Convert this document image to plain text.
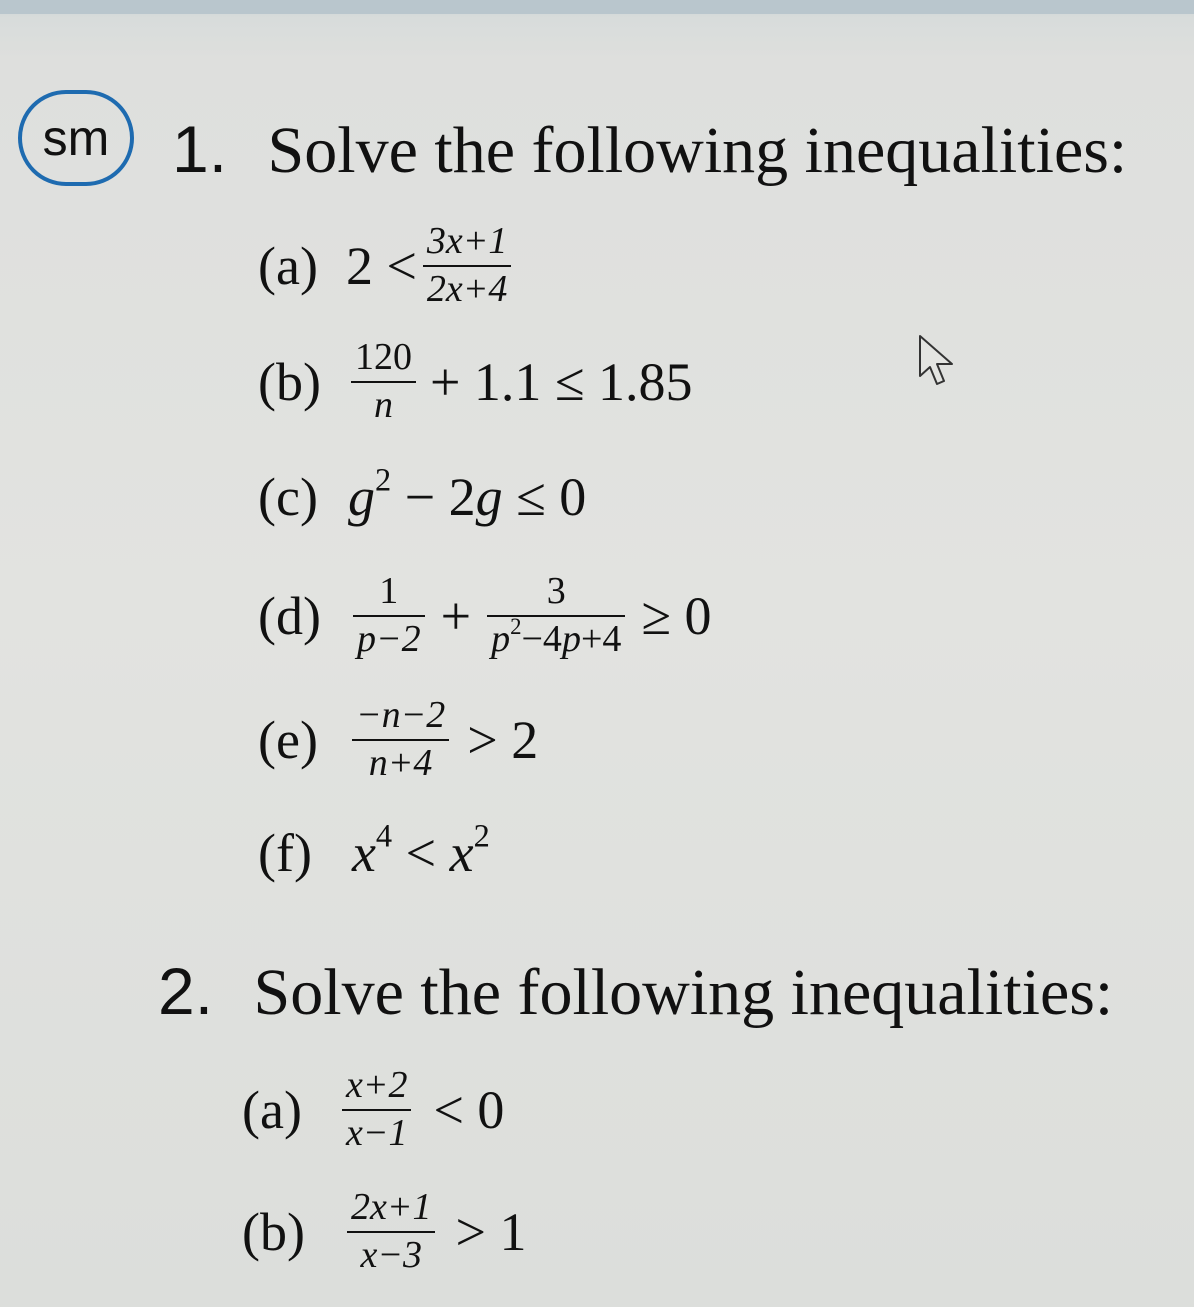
sm 1. Solve the following inequalities:
(a) $2 < \frac{3x+1}{2x+4}$
$(b) \frac{120}{n} + 1.1 \le 1.85$
(c) $g^2 - 2g \le 0$
$(d) \frac{1}{p-2} + \frac{3}{p^2-4p+4} \ge 0$
$(e) \frac{-n-2}{n+4} > 2$
(f) $x^4 < x^2$
2. Solve the following inequalities:
$(a) \frac{x+2}{x-1} < 0$
$(b) \frac{2x+1}{x-3} > 1$
